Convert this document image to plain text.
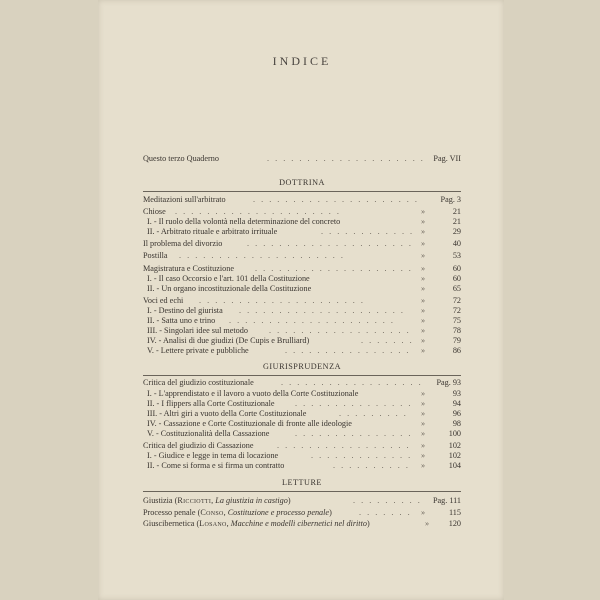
INDICE
Questo terzo Quaderno	. . . . . . . . . . . . . . . . . . . . Pag. VII
DOTTRINA
Meditazioni sull'arbitrato	. . . . . . . . . . . . . . . . . . . . .	Pag. 3
Chiose . . . . . . . . . . . . . . . . . . . . .	»	21
I. - Il ruolo della volontà nella determinazione del concreto	»	21
II. - Arbitrato rituale e arbitrato irrituale	. . . . . . . . . . . . »	29
Il problema del divorzio	. . . . . . . . . . . . . . . . . . . . . »	40
Postilla . . . . . . . . . . . . . . . . . . . . .	»	53
Magistratura e Costituzione	. . . . . . . . . . . . . . . . . . . . »	60
I. - Il caso Occorsio e l'art. 101 della Costituzione	»	60
II. - Un organo incostituzionale della Costituzione	»	65
Voci ed echi . . . . . . . . . . . . . . . . . . . . .	»	72
I. - Destino del giurista . . . . . . . . . . . . . . . . . . . . . »	72
II. - Satta uno e trino . . . . . . . . . . . . . . . . . . . . .	»	75
III. - Singolari idee sul metodo	. . . . . . . . . . . . . . . . . . »	78
IV. - Analisi di due giudizi (De Cupis e Brulliard)	. . . . . . . »	79
V. - Lettere private e pubbliche	. . . . . . . . . . . . . . . . »	86
GIURISPRUDENZA
Critica del giudizio costituzionale	. . . . . . . . . . . . . . . . . . Pag. 93
I. - L'apprendistato e il lavoro a vuoto della Corte Costituzionale	»	93
II. - I flippers alla Corte Costituzionale . . . . . . . . . . . . . . . »	94
III. - Altri giri a vuoto della Corte Costituzionale	. . . . . . . . . »	96
IV. - Cassazione e Corte Costituzionale di fronte alle ideologie	»	98
V. - Costituzionalità della Cassazione	. . . . . . . . . . . . . . . »	100
Critica del giudizio di Cassazione	. . . . . . . . . . . . . . . . . »	102
I. - Giudice e legge in tema di locazione	. . . . . . . . . . . . . »	102
II. - Come si forma e si firma un contratto	. . . . . . . . . . »	104
LETTURE
Giustizia (Ricciotti, La giustizia in castigo)	. . . . . . . . . Pag. 111
Processo penale (Conso, Costituzione e processo penale)	. . . . . . . »	115
Giuscibernetica (Losano, Macchine e modelli cibernetici nel diritto)	» 120
